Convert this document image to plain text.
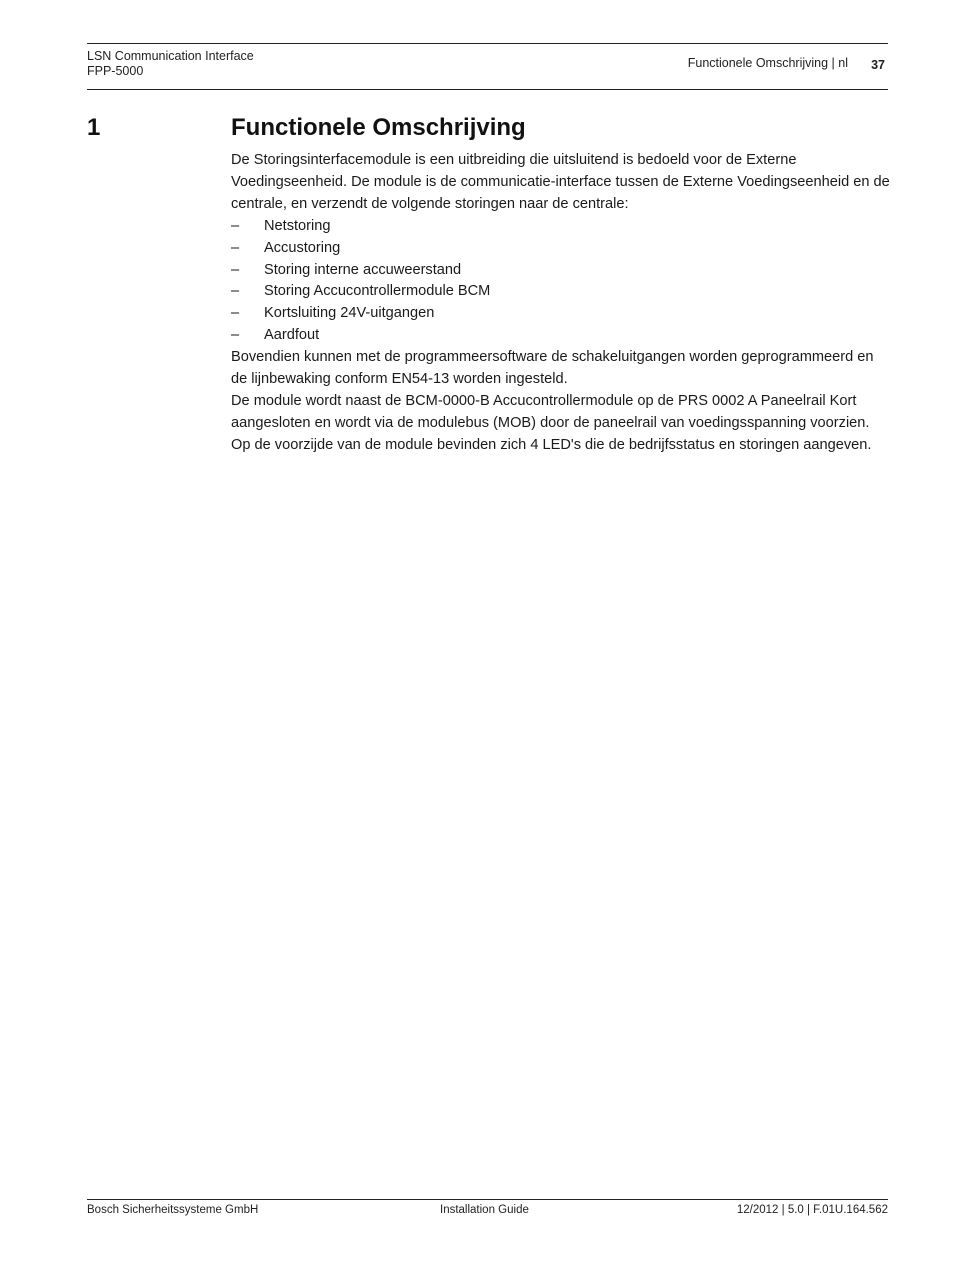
LSN Communication Interface
FPP-5000
Functionele Omschrijving | nl 37
1	Functionele Omschrijving

De Storingsinterfacemodule is een uitbreiding die uitsluitend is bedoeld voor de Externe Voedingseenheid. De module is de communicatie-interface tussen de Externe Voedingseenheid en de centrale, en verzendt de volgende storingen naar de centrale:

– Netstoring
– Accustoring
– Storing interne accuweerstand
– Storing Accucontrollermodule BCM
– Kortsluiting 24V-uitgangen
– Aardfout

Bovendien kunnen met de programmeersoftware de schakeluitgangen worden geprogrammeerd en de lijnbewaking conform EN54-13 worden ingesteld.

De module wordt naast de BCM-0000-B Accucontrollermodule op de PRS 0002 A Paneelrail Kort aangesloten en wordt via de modulebus (MOB) door de paneelrail van voedingsspanning voorzien. Op de voorzijde van de module bevinden zich 4 LED's die de bedrijfsstatus en storingen aangeven.

Bosch Sicherheitssysteme GmbH	Installation Guide	12/2012 | 5.0 | F.01U.164.562
